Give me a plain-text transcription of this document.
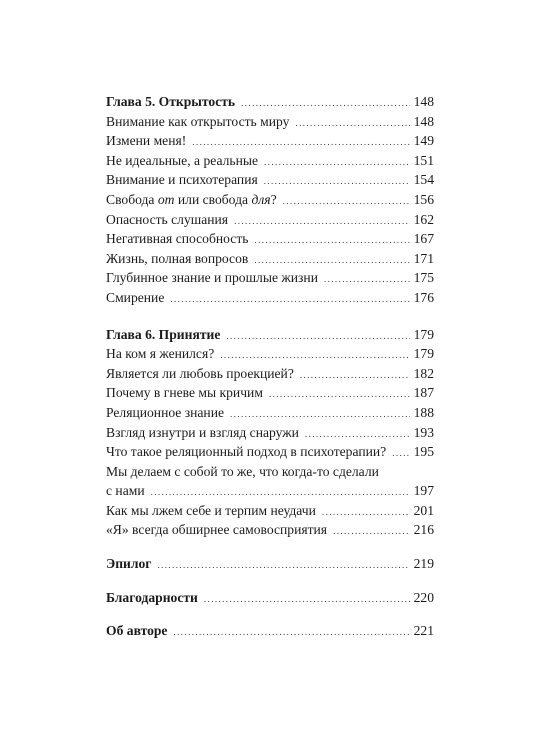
Глава 5. Открытость .....	148
Внимание как открытость миру .....	148
Измени меня! .....	149
Не идеальные, а реальные .....	151
Внимание и психотерапия .....	154
Свобода от или свобода для? .....	156
Опасность слушания .....	162
Негативная способность .....	167
Жизнь, полная вопросов .....	171
Глубинное знание и прошлые жизни .....	175
Смирение .....	176
Глава 6. Принятие .....	179
На ком я женился? .....	179
Является ли любовь проекцией? .....	182
Почему в гневе мы кричим .....	187
Реляционное знание .....	188
Взгляд изнутри и взгляд снаружи .....	193
Что такое реляционный подход в психотерапии? ..... 195
Мы делаем с собой то же, что когда-то сделали
с нами .....	197
Как мы лжем себе и терпим неудачи .....	201
«Я» всегда обширнее самовосприятия .....	216
Эпилог .....	219
Благодарности .....	220
Об авторе .....	221
